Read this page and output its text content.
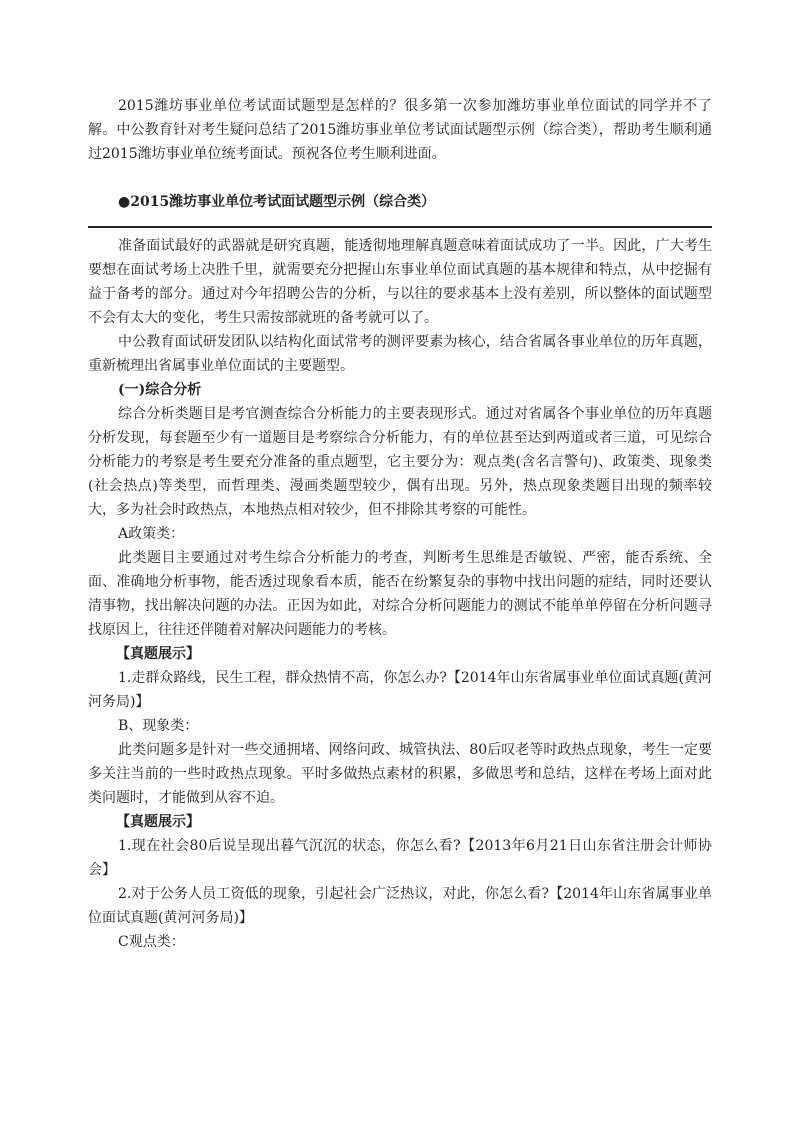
2015潍坊事业单位考试面试题型是怎样的？很多第一次参加潍坊事业单位面试的同学并不了解。中公教育针对考生疑问总结了2015潍坊事业单位考试面试题型示例（综合类），帮助考生顺利通过2015潍坊事业单位统考面试。预祝各位考生顺利进面。

●2015潍坊事业单位考试面试题型示例（综合类）

准备面试最好的武器就是研究真题，能透彻地理解真题意味着面试成功了一半。因此，广大考生要想在面试考场上决胜千里，就需要充分把握山东事业单位面试真题的基本规律和特点，从中挖掘有益于备考的部分。通过对今年招聘公告的分析，与以往的要求基本上没有差别，所以整体的面试题型不会有太大的变化，考生只需按部就班的备考就可以了。

中公教育面试研发团队以结构化面试常考的测评要素为核心，结合省属各事业单位的历年真题，重新梳理出省属事业单位面试的主要题型。

(一)综合分析

综合分析类题目是考官测查综合分析能力的主要表现形式。通过对省属各个事业单位的历年真题分析发现，每套题至少有一道题目是考察综合分析能力，有的单位甚至达到两道或者三道，可见综合分析能力的考察是考生要充分准备的重点题型，它主要分为：观点类(含名言警句)、政策类、现象类(社会热点)等类型，而哲理类、漫画类题型较少，偶有出现。另外，热点现象类题目出现的频率较大，多为社会时政热点，本地热点相对较少，但不排除其考察的可能性。

A政策类：

此类题目主要通过对考生综合分析能力的考查，判断考生思维是否敏锐、严密，能否系统、全面、准确地分析事物，能否透过现象看本质，能否在纷繁复杂的事物中找出问题的症结，同时还要认清事物，找出解决问题的办法。正因为如此，对综合分析问题能力的测试不能单单停留在分析问题寻找原因上，往往还伴随着对解决问题能力的考核。

【真题展示】

1.走群众路线，民生工程，群众热情不高，你怎么办?【2014年山东省属事业单位面试真题(黄河河务局)】

B、现象类：

此类问题多是针对一些交通拥堵、网络问政、城管执法、80后叹老等时政热点现象，考生一定要多关注当前的一些时政热点现象。平时多做热点素材的积累，多做思考和总结，这样在考场上面对此类问题时，才能做到从容不迫。

【真题展示】

1.现在社会80后说呈现出暮气沉沉的状态，你怎么看?【2013年6月21日山东省注册会计师协会】

2.对于公务人员工资低的现象，引起社会广泛热议，对此，你怎么看?【2014年山东省属事业单位面试真题(黄河河务局)】

C观点类：
